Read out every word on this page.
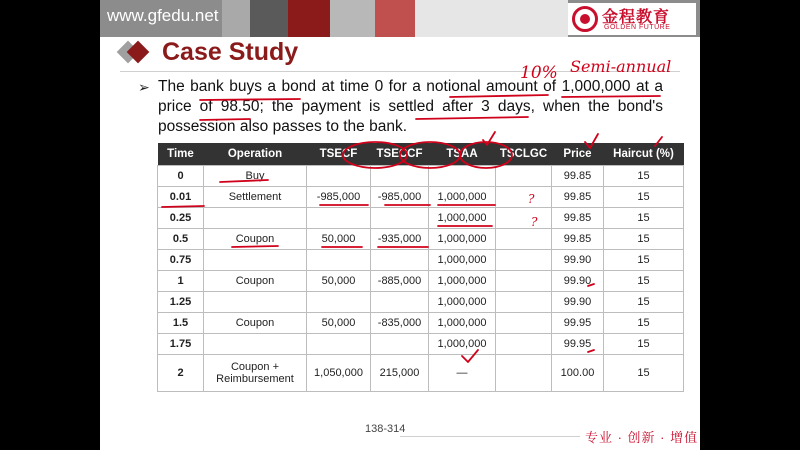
www.gfedu.net	金程教育
GOLDEN FUTURE
Case Study
➢ The bank buys a bond at time 0 for a notional amount of 1,000,000 at a price of 98.50; the payment is settled after 3 days, when the bond's possession also passes to the bank.
Time	Operation	TSECF	TSECCF	TSAA	TSCLGC	Price	Haircut (%)
0	Buy					99.85	15
0.01	Settlement	-985,000	-985,000	1,000,000		99.85	15
0.25				1,000,000		99.85	15
0.5	Coupon	50,000	-935,000	1,000,000		99.85	15
0.75				1,000,000		99.90	15
1	Coupon	50,000	-885,000	1,000,000		99.90	15
1.25				1,000,000		99.90	15
1.5	Coupon	50,000	-835,000	1,000,000		99.95	15
1.75				1,000,000		99.95	15
2	Coupon + Reimbursement	1,050,000	215,000	—		100.00	15
138-314
专业 · 创新 · 增值
10% Semi-annual
?
?
